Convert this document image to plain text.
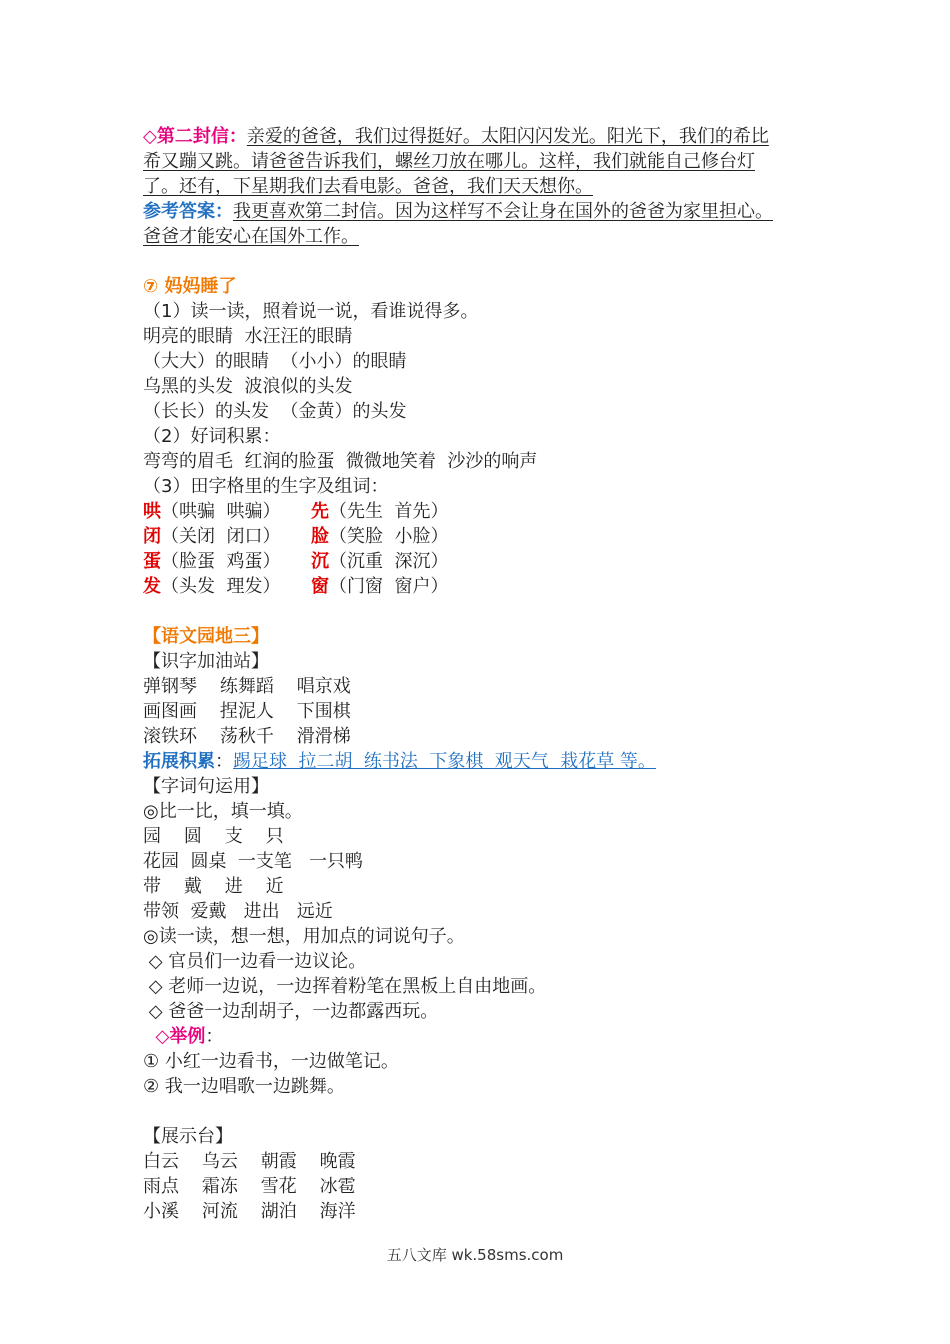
◇第二封信：亲爱的爸爸，我们过得挺好。太阳闪闪发光。阳光下，我们的希比
希又蹦又跳。请爸爸告诉我们，螺丝刀放在哪儿。这样，我们就能自己修台灯
了。还有，下星期我们去看电影。爸爸，我们天天想你。
参考答案：我更喜欢第二封信。因为这样写不会让身在国外的爸爸为家里担心。
爸爸才能安心在国外工作。
⑦ 妈妈睡了
（1）读一读，照着说一说，看谁说得多。
明亮的眼睛  水汪汪的眼睛
（大大）的眼睛  （小小）的眼睛
乌黑的头发  波浪似的头发
（长长）的头发  （金黄）的头发
（2）好词积累：
弯弯的眉毛  红润的脸蛋  微微地笑着  沙沙的响声
（3）田字格里的生字及组词：
哄（哄骗  哄骗） 先（先生  首先）
闭（关闭  闭口） 脸（笑脸  小脸）
蛋（脸蛋  鸡蛋） 沉（沉重  深沉）
发（头发  理发） 窗（门窗  窗户）
【语文园地三】
【识字加油站】
弹钢琴    练舞蹈    唱京戏
画图画    捏泥人    下围棋
滚铁环    荡秋千    滑滑梯
拓展积累：踢足球  拉二胡  练书法  下象棋  观天气  栽花草 等。
【字词句运用】
◎比一比，填一填。
园    圆    支    只
花园  圆桌  一支笔   一只鸭
带    戴    进    近
带领  爱戴   进出   远近
◎读一读，想一想，用加点的词说句子。
◇ 官员们一边看一边议论。
◇ 老师一边说，一边挥着粉笔在黑板上自由地画。
◇ 爸爸一边刮胡子，一边都露西玩。
◇举例：
① 小红一边看书，一边做笔记。
② 我一边唱歌一边跳舞。
【展示台】
白云    乌云    朝霞    晚霞
雨点    霜冻    雪花    冰雹
小溪    河流    湖泊    海洋
五八文库 wk.58sms.com
